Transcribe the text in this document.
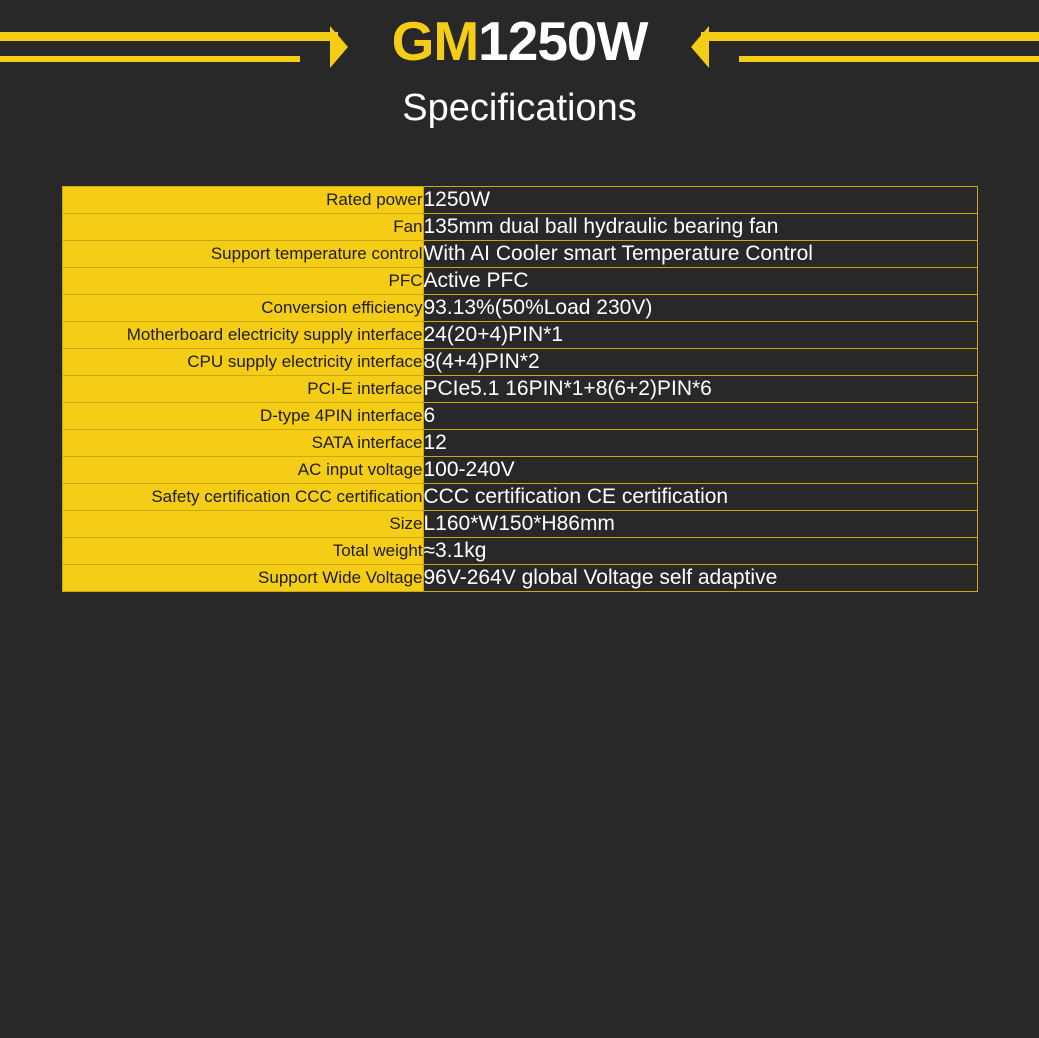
GM1250W
Specifications
Rated power	1250W
Fan	135mm dual ball hydraulic bearing fan
Support temperature control	With AI Cooler smart Temperature Control
PFC	Active PFC
Conversion efficiency	93.13%(50%Load 230V)
Motherboard electricity supply interface	24(20+4)PIN*1
CPU supply electricity interface	8(4+4)PIN*2
PCI-E interface	PCIe5.1 16PIN*1+8(6+2)PIN*6
D-type 4PIN interface	6
SATA interface	12
AC input voltage	100-240V
Safety certification CCC certification	CCC certification CE certification
Size	L160*W150*H86mm
Total weight	≈3.1kg
Support Wide Voltage	96V-264V global Voltage self adaptive
